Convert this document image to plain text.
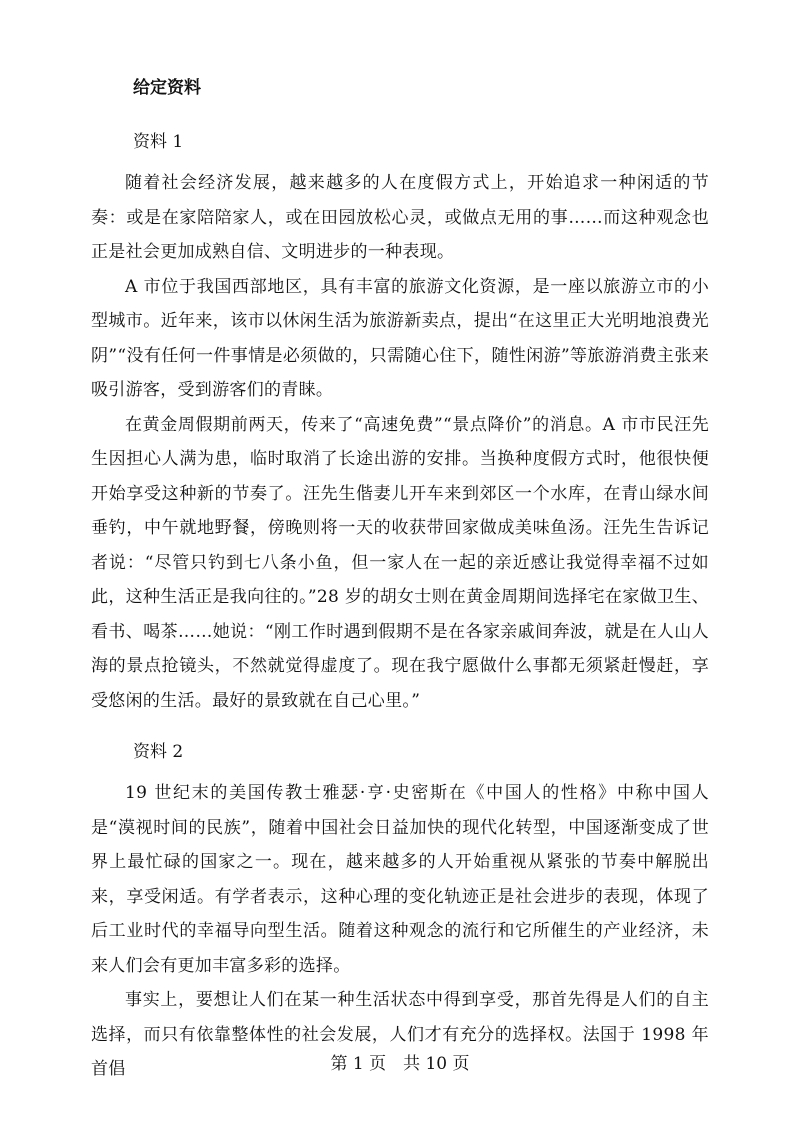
给定资料
资料 1

随着社会经济发展，越来越多的人在度假方式上，开始追求一种闲适的节奏：或是在家陪陪家人，或在田园放松心灵，或做点无用的事……而这种观念也正是社会更加成熟自信、文明进步的一种表现。

A 市位于我国西部地区，具有丰富的旅游文化资源，是一座以旅游立市的小型城市。近年来，该市以休闲生活为旅游新卖点，提出“在这里正大光明地浪费光阴”“没有任何一件事情是必须做的，只需随心住下，随性闲游”等旅游消费主张来吸引游客，受到游客们的青睐。

在黄金周假期前两天，传来了“高速免费”“景点降价”的消息。A 市市民汪先生因担心人满为患，临时取消了长途出游的安排。当换种度假方式时，他很快便开始享受这种新的节奏了。汪先生偕妻儿开车来到郊区一个水库，在青山绿水间垂钓，中午就地野餐，傍晚则将一天的收获带回家做成美味鱼汤。汪先生告诉记者说：“尽管只钓到七八条小鱼，但一家人在一起的亲近感让我觉得幸福不过如此，这种生活正是我向往的。”28 岁的胡女士则在黄金周期间选择宅在家做卫生、看书、喝茶……她说：“刚工作时遇到假期不是在各家亲戚间奔波，就是在人山人海的景点抢镜头，不然就觉得虚度了。现在我宁愿做什么事都无须紧赶慢赶，享受悠闲的生活。最好的景致就在自己心里。”

资料 2

19 世纪末的美国传教士雅瑟·亨·史密斯在《中国人的性格》中称中国人是“漠视时间的民族”，随着中国社会日益加快的现代化转型，中国逐渐变成了世界上最忙碌的国家之一。现在，越来越多的人开始重视从紧张的节奏中解脱出来，享受闲适。有学者表示，这种心理的变化轨迹正是社会进步的表现，体现了后工业时代的幸福导向型生活。随着这种观念的流行和它所催生的产业经济，未来人们会有更加丰富多彩的选择。

事实上，要想让人们在某一种生活状态中得到享受，那首先得是人们的自主选择，而只有依靠整体性的社会发展，人们才有充分的选择权。法国于 1998 年首倡	第 1 页　共 10 页
